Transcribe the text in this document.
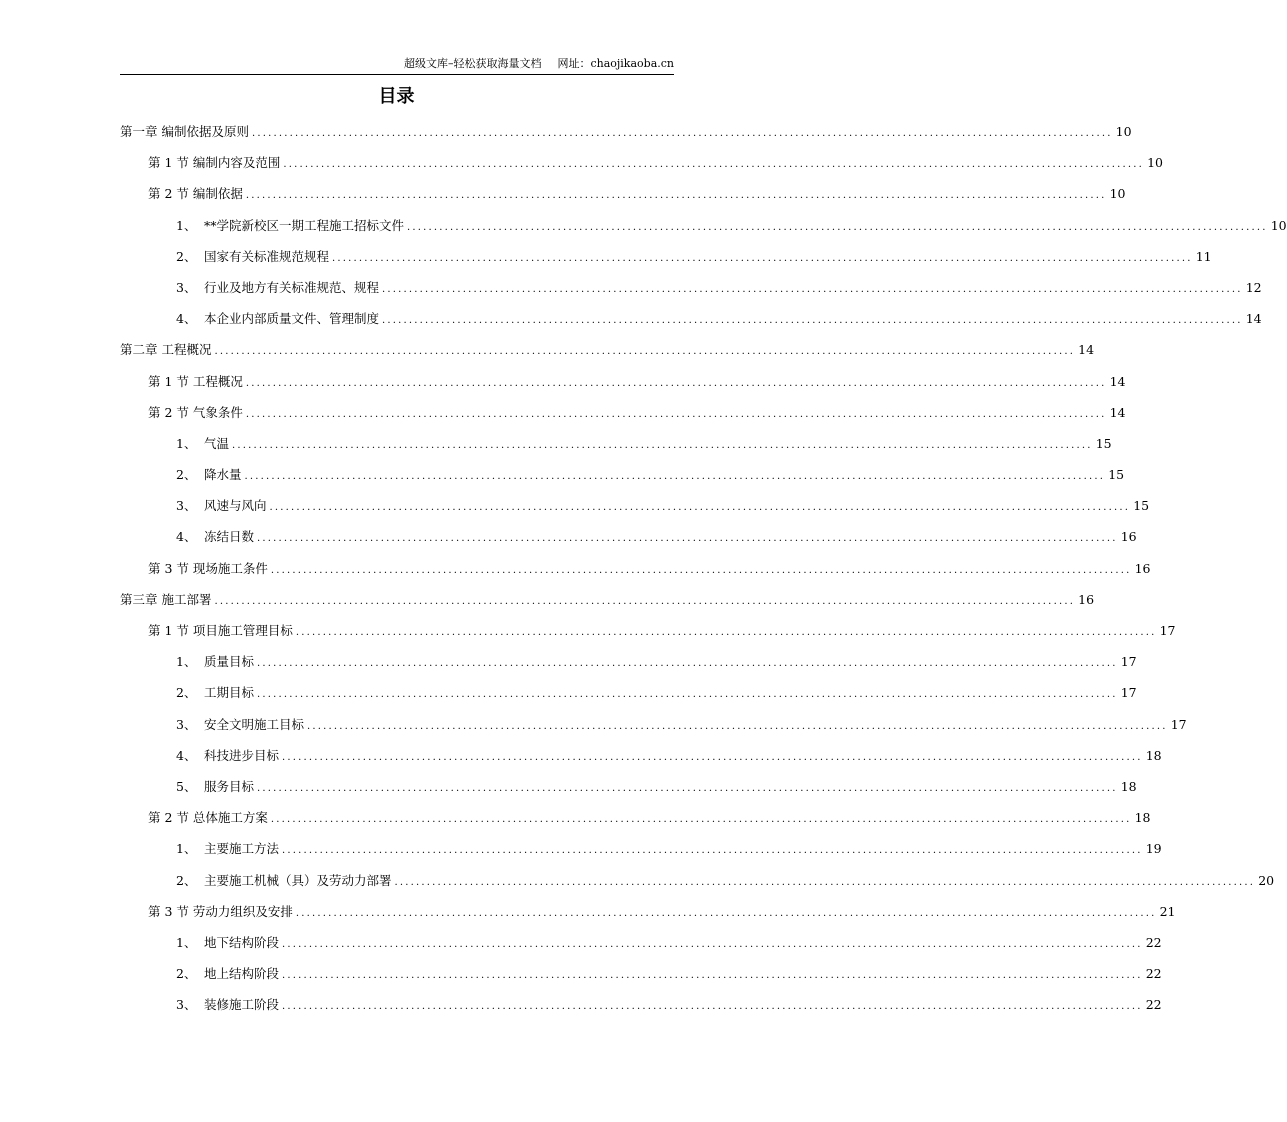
超级文库–轻松获取海量文档 网址：chaojikaoba.cn
目录
第一章 编制依据及原则 ................................................................................................................................................................ 10
第 1 节 编制内容及范围 ................................................................................................................................................................ 10
第 2 节 编制依据 ................................................................................................................................................................ 10
1、 **学院新校区一期工程施工招标文件 ................................................................................................................................................................ 10
2、 国家有关标准规范规程 ................................................................................................................................................................ 11
3、 行业及地方有关标准规范、规程 ................................................................................................................................................................ 12
4、 本企业内部质量文件、管理制度 ................................................................................................................................................................ 14
第二章 工程概况 ................................................................................................................................................................ 14
第 1 节 工程概况 ................................................................................................................................................................ 14
第 2 节 气象条件 ................................................................................................................................................................ 14
1、 气温 ................................................................................................................................................................ 15
2、 降水量 ................................................................................................................................................................ 15
3、 风速与风向 ................................................................................................................................................................ 15
4、 冻结日数 ................................................................................................................................................................ 16
第 3 节 现场施工条件 ................................................................................................................................................................ 16
第三章 施工部署 ................................................................................................................................................................ 16
第 1 节 项目施工管理目标 ................................................................................................................................................................ 17
1、 质量目标 ................................................................................................................................................................ 17
2、 工期目标 ................................................................................................................................................................ 17
3、 安全文明施工目标 ................................................................................................................................................................ 17
4、 科技进步目标 ................................................................................................................................................................ 18
5、 服务目标 ................................................................................................................................................................ 18
第 2 节 总体施工方案 ................................................................................................................................................................ 18
1、 主要施工方法 ................................................................................................................................................................ 19
2、 主要施工机械（具）及劳动力部署 ................................................................................................................................................................ 20
第 3 节 劳动力组织及安排 ................................................................................................................................................................ 21
1、 地下结构阶段 ................................................................................................................................................................ 22
2、 地上结构阶段 ................................................................................................................................................................ 22
3、 装修施工阶段 ................................................................................................................................................................ 22
